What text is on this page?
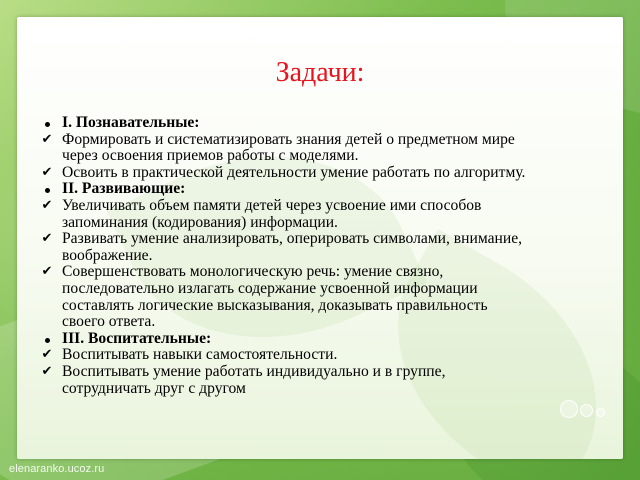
Задачи:
I. Познавательные:
✔ Формировать и систематизировать знания детей о предметном мире
через освоения приемов работы с моделями.
✔ Освоить в практической деятельности умение работать по алгоритму.
II. Развивающие:
✔ Увеличивать объем памяти детей через усвоение ими способов
запоминания (кодирования) информации.
✔ Развивать умение анализировать, оперировать символами, внимание,
воображение.
✔ Совершенствовать монологическую речь: умение связно,
последовательно излагать содержание усвоенной информации
составлять логические высказывания, доказывать правильность
своего ответа.
III. Воспитательные:
✔ Воспитывать навыки самостоятельности.
✔ Воспитывать умение работать индивидуально и в группе,
сотрудничать друг с другом
elenaranko.ucoz.ru
